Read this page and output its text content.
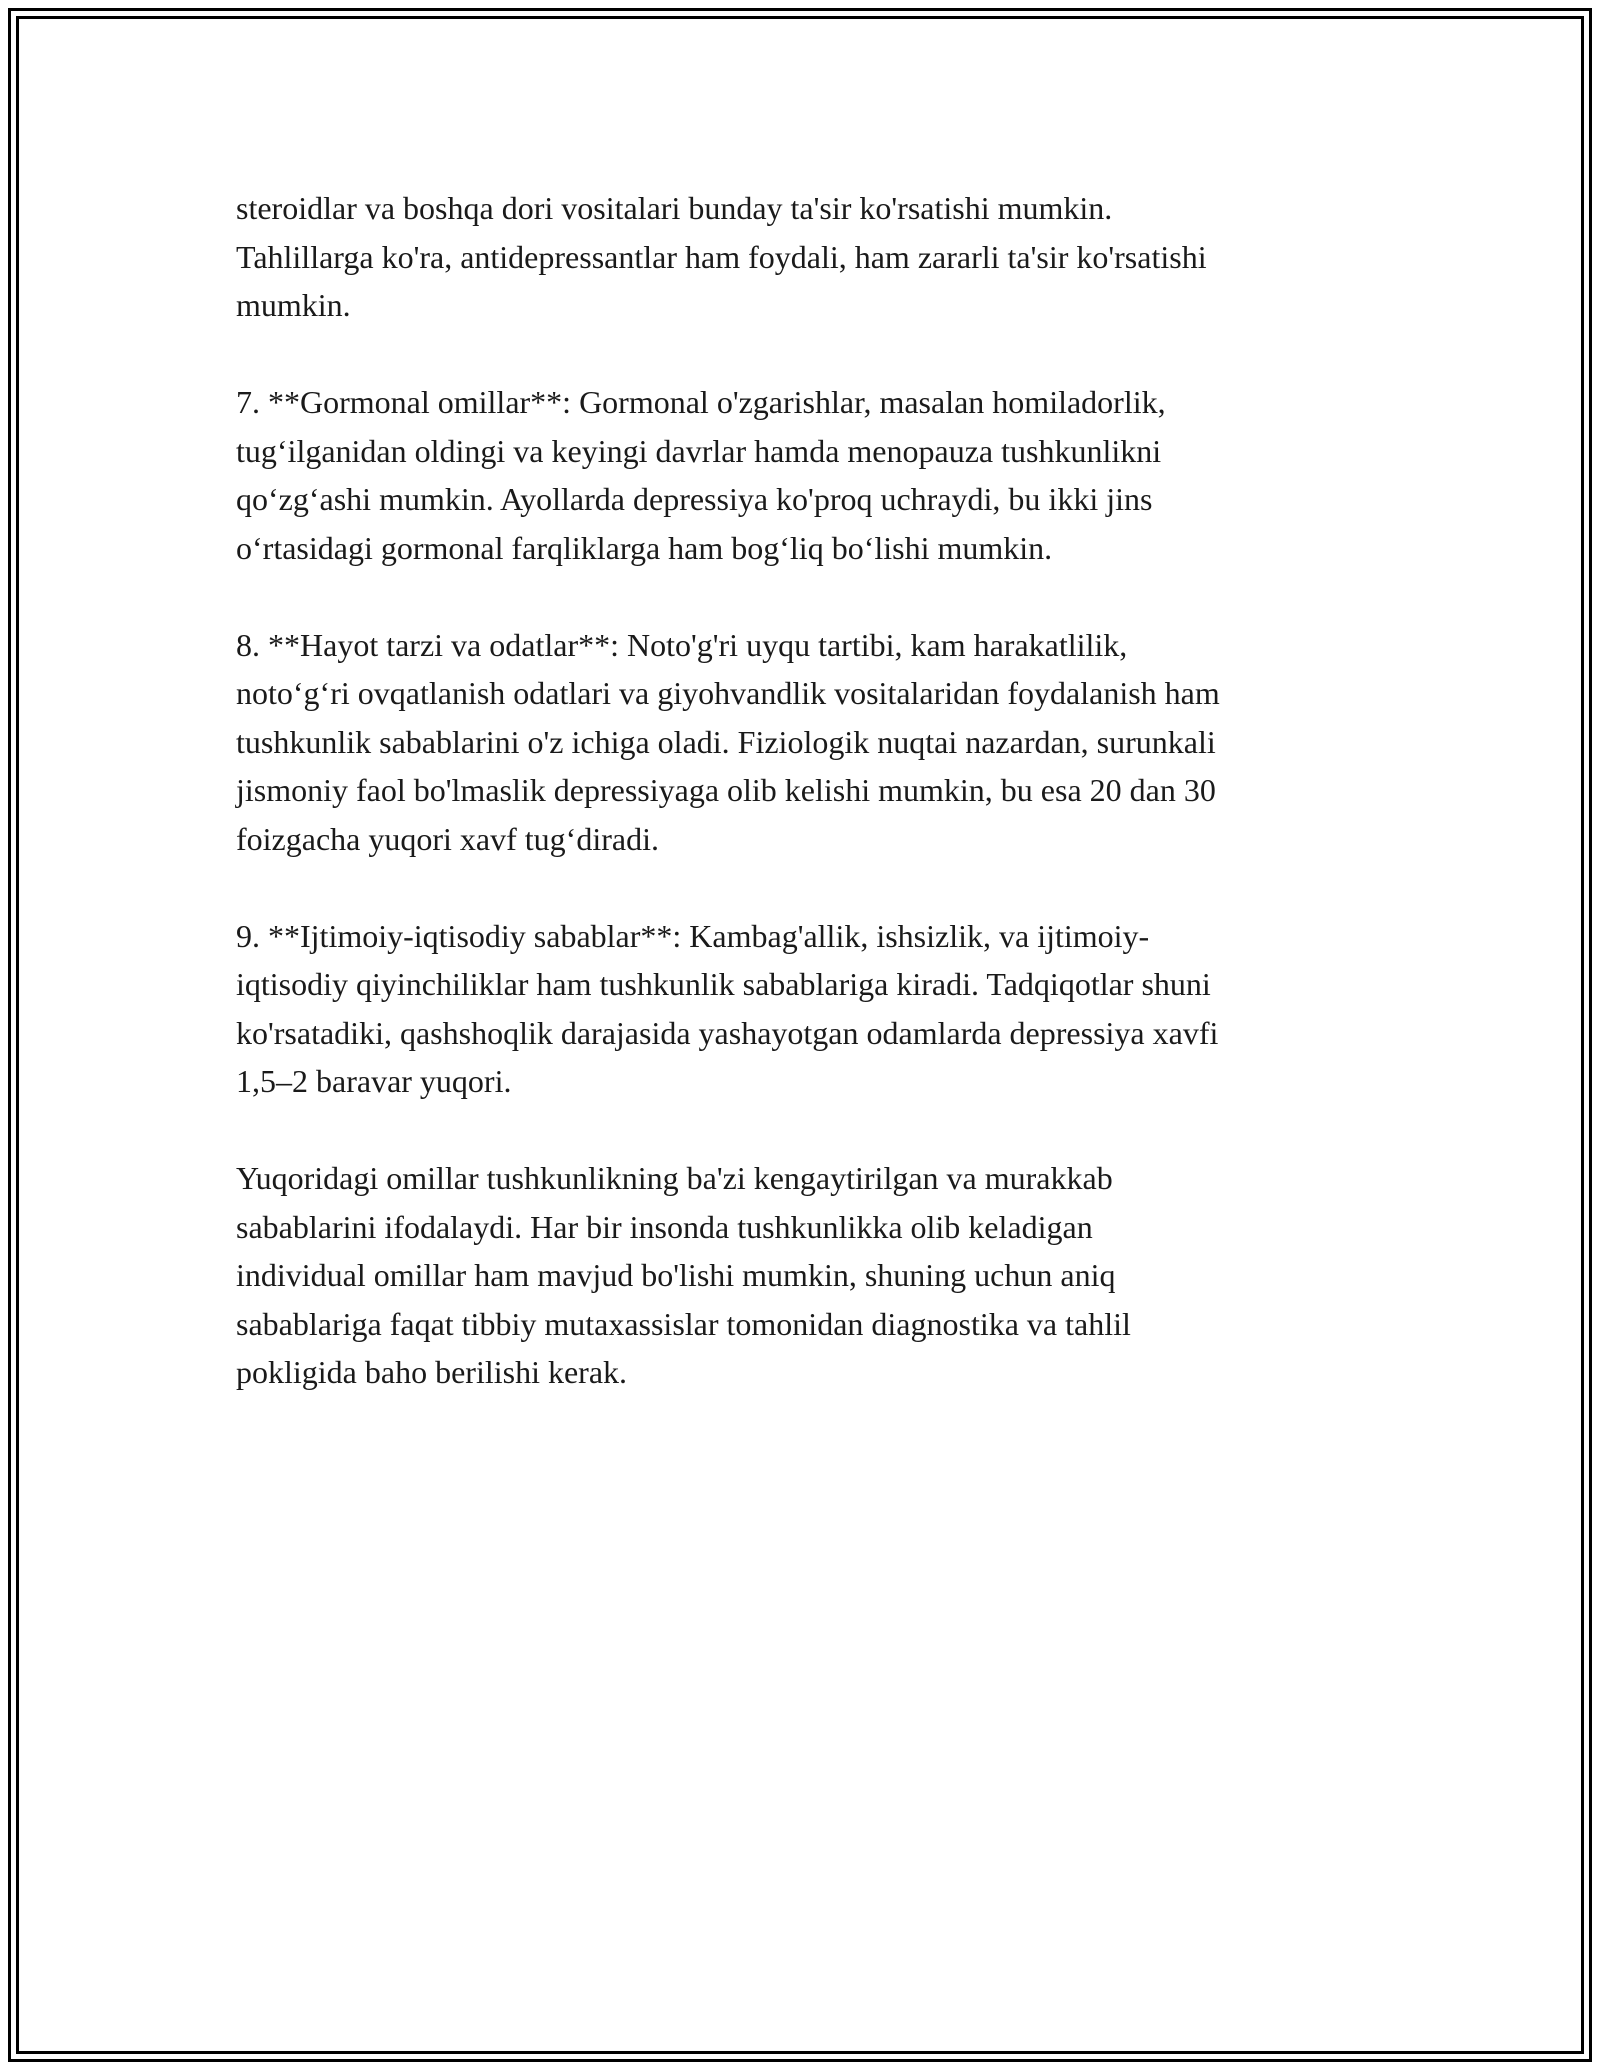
steroidlar va boshqa dori vositalari bunday ta'sir ko'rsatishi mumkin.
Tahlillarga ko'ra, antidepressantlar ham foydali, ham zararli ta'sir ko'rsatishi
mumkin.

7. **Gormonal omillar**: Gormonal o'zgarishlar, masalan homiladorlik,
tug‘ilganidan oldingi va keyingi davrlar hamda menopauza tushkunlikni
qo‘zg‘ashi mumkin. Ayollarda depressiya ko'proq uchraydi, bu ikki jins
o‘rtasidagi gormonal farqliklarga ham bog‘liq bo‘lishi mumkin.

8. **Hayot tarzi va odatlar**: Noto'g'ri uyqu tartibi, kam harakatlilik,
noto‘g‘ri ovqatlanish odatlari va giyohvandlik vositalaridan foydalanish ham
tushkunlik sabablarini o'z ichiga oladi. Fiziologik nuqtai nazardan, surunkali
jismoniy faol bo'lmaslik depressiyaga olib kelishi mumkin, bu esa 20 dan 30
foizgacha yuqori xavf tug‘diradi.

9. **Ijtimoiy-iqtisodiy sabablar**: Kambag'allik, ishsizlik, va ijtimoiy-
iqtisodiy qiyinchiliklar ham tushkunlik sabablariga kiradi. Tadqiqotlar shuni
ko'rsatadiki, qashshoqlik darajasida yashayotgan odamlarda depressiya xavfi
1,5–2 baravar yuqori.

Yuqoridagi omillar tushkunlikning ba'zi kengaytirilgan va murakkab
sabablarini ifodalaydi. Har bir insonda tushkunlikka olib keladigan
individual omillar ham mavjud bo'lishi mumkin, shuning uchun aniq
sabablariga faqat tibbiy mutaxassislar tomonidan diagnostika va tahlil
pokligida baho berilishi kerak.
